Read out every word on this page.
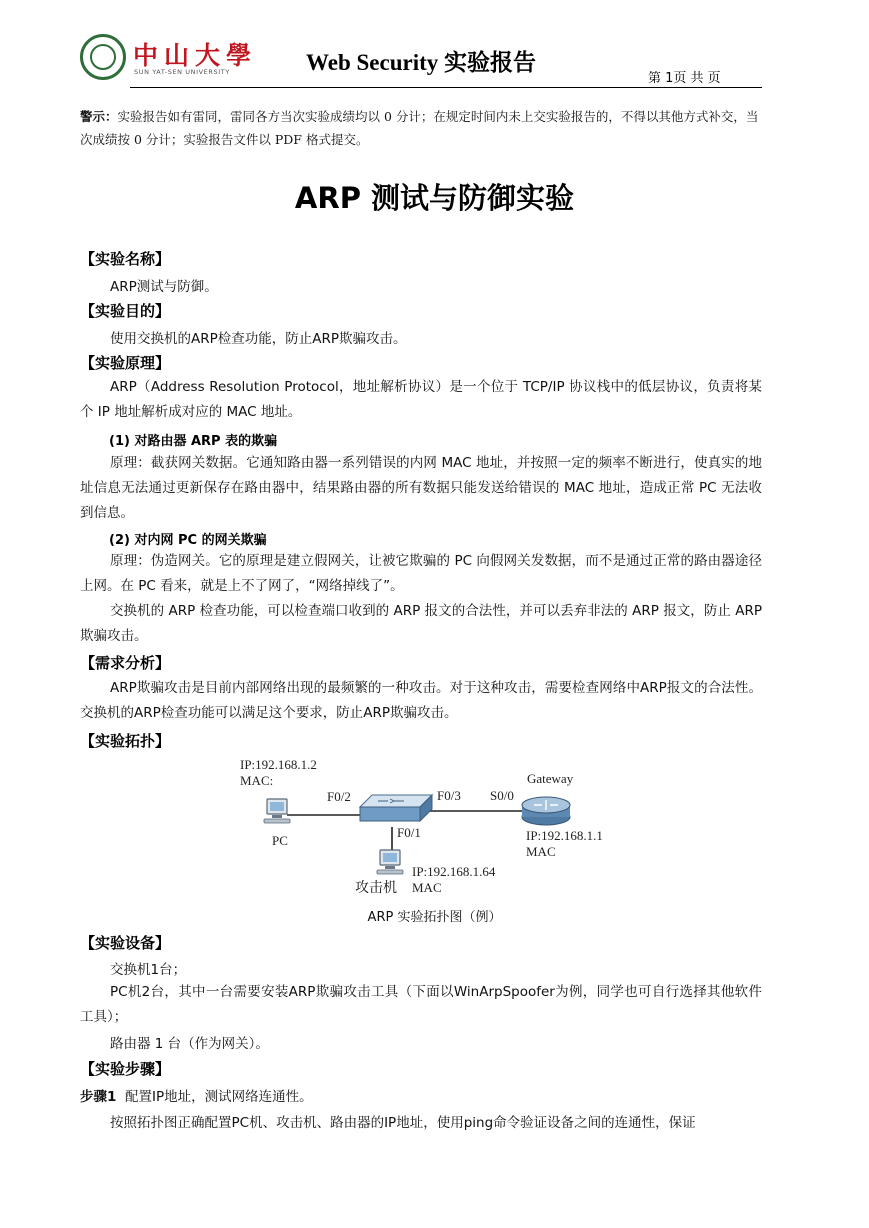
中山大學
SUN YAT-SEN UNIVERSITY	Web Security 实验报告
第 1页 共 页
警示：实验报告如有雷同，雷同各方当次实验成绩均以 0 分计；在规定时间内未上交实验报告的，不得以其他方式补交，当次成绩按 0 分计；实验报告文件以 PDF 格式提交。
ARP 测试与防御实验
【实验名称】
ARP测试与防御。
【实验目的】
使用交换机的ARP检查功能，防止ARP欺骗攻击。
【实验原理】
ARP（Address Resolution Protocol，地址解析协议）是一个位于 TCP/IP 协议栈中的低层协议，负责将某个 IP 地址解析成对应的 MAC 地址。
(1) 对路由器 ARP 表的欺骗
原理：截获网关数据。它通知路由器一系列错误的内网 MAC 地址，并按照一定的频率不断进行，使真实的地址信息无法通过更新保存在路由器中，结果路由器的所有数据只能发送给错误的 MAC 地址，造成正常 PC 无法收到信息。
(2) 对内网 PC 的网关欺骗
原理：伪造网关。它的原理是建立假网关，让被它欺骗的 PC 向假网关发数据，而不是通过正常的路由器途径上网。在 PC 看来，就是上不了网了，“网络掉线了”。
交换机的 ARP 检查功能，可以检查端口收到的 ARP 报文的合法性，并可以丢弃非法的 ARP 报文，防止 ARP 欺骗攻击。
【需求分析】
ARP欺骗攻击是目前内部网络出现的最频繁的一种攻击。对于这种攻击，需要检查网络中ARP报文的合法性。交换机的ARP检查功能可以满足这个要求，防止ARP欺骗攻击。
【实验拓扑】
IP:192.168.1.2
MAC:
PC
F0/2	F0/3 S0/0
Gateway
IP:192.168.1.1
MAC
F0/1
IP:192.168.1.64
MAC
攻击机
ARP 实验拓扑图（例）
【实验设备】
交换机1台；
PC机2台，其中一台需要安装ARP欺骗攻击工具（下面以WinArpSpoofer为例，同学也可自行选择其他软件工具）；
路由器 1 台（作为网关）。
【实验步骤】
步骤1 配置IP地址，测试网络连通性。
按照拓扑图正确配置PC机、攻击机、路由器的IP地址，使用ping命令验证设备之间的连通性，保证
